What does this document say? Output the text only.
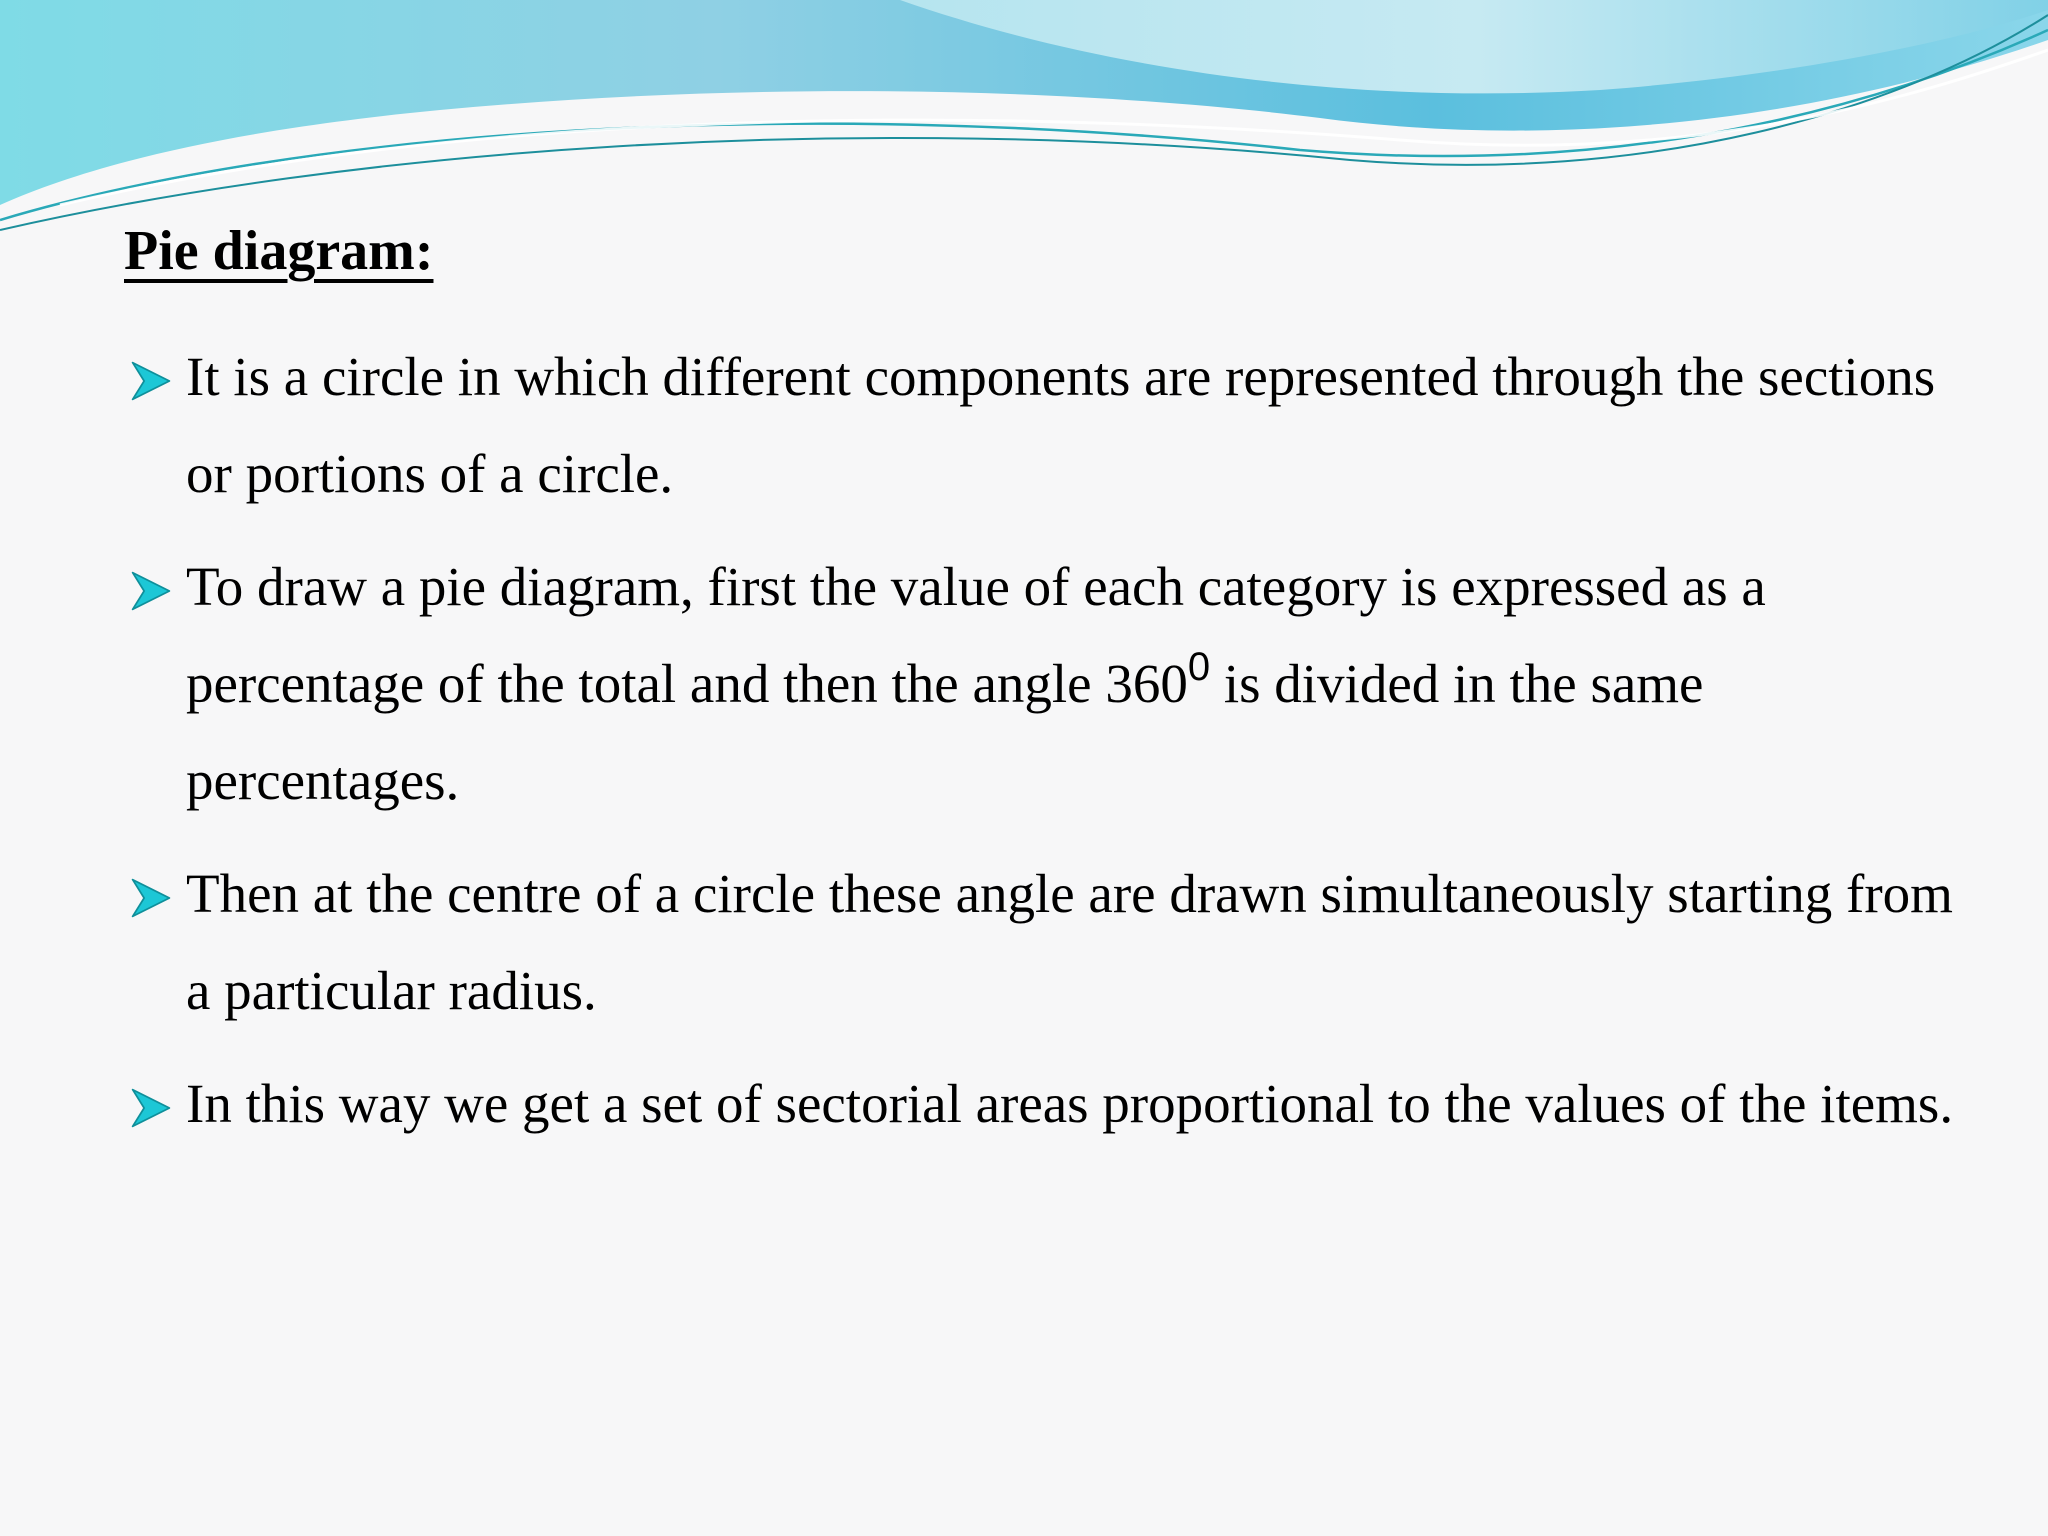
Pie diagram:
It is a circle in which different components are represented through the sections or portions of a circle.
To draw a pie diagram, first the value of each category is expressed as a percentage of the total and then the angle $360^0$ is divided in the same percentages.
Then at the centre of a circle these angle are drawn simultaneously starting from a particular radius.
In this way we get a set of sectorial areas proportional to the values of the items.
